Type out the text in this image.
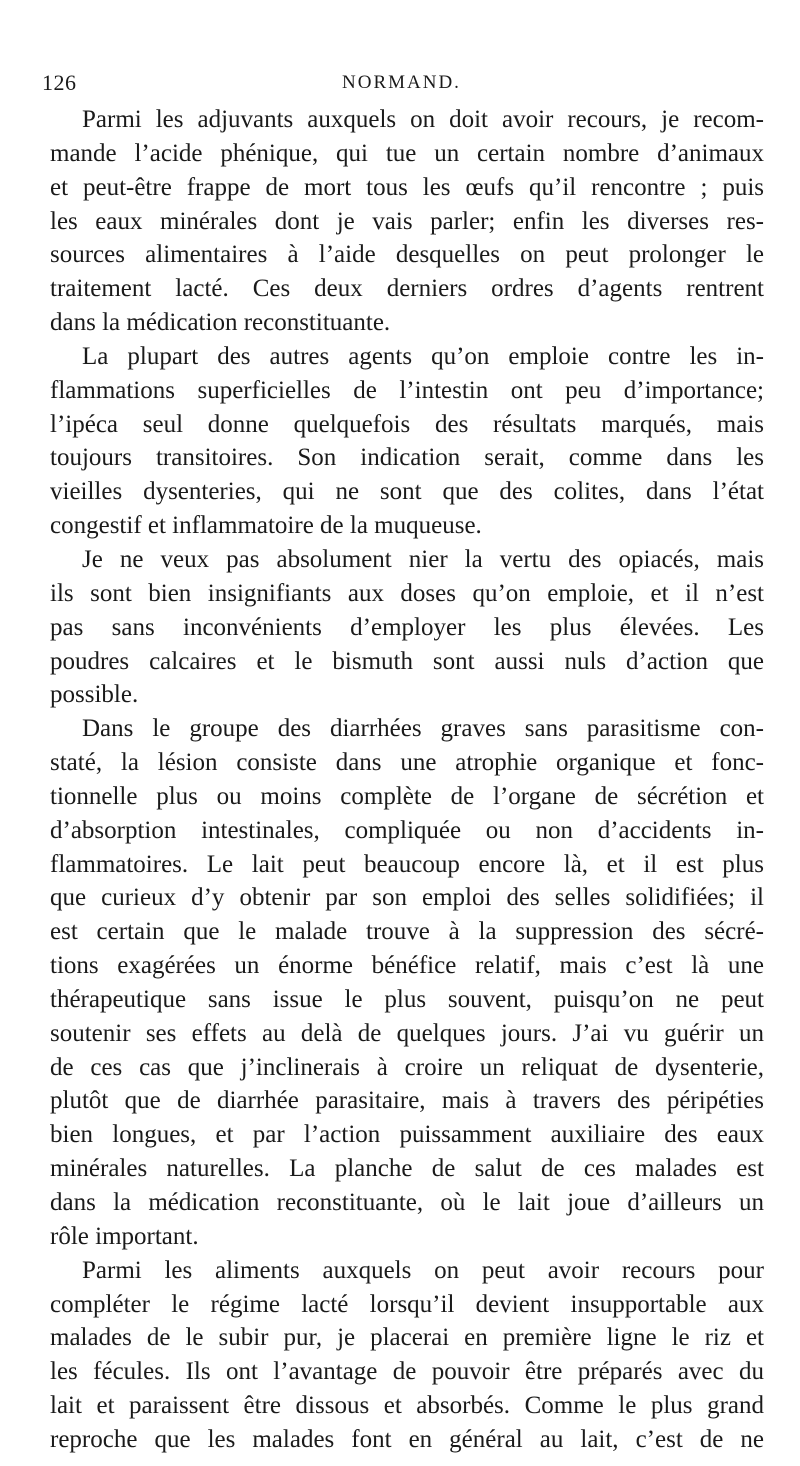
126	NORMAND.
Parmi les adjuvants auxquels on doit avoir recours, je recom-
mande l’acide phénique, qui tue un certain nombre d’animaux
et peut-être frappe de mort tous les œufs qu’il rencontre ; puis
les eaux minérales dont je vais parler; enfin les diverses res-
sources alimentaires à l’aide desquelles on peut prolonger le
traitement lacté. Ces deux derniers ordres d’agents rentrent
dans la médication reconstituante.
La plupart des autres agents qu’on emploie contre les in-
flammations superficielles de l’intestin ont peu d’importance;
l’ipéca seul donne quelquefois des résultats marqués, mais
toujours transitoires. Son indication serait, comme dans les
vieilles dysenteries, qui ne sont que des colites, dans l’état
congestif et inflammatoire de la muqueuse.
Je ne veux pas absolument nier la vertu des opiacés, mais
ils sont bien insignifiants aux doses qu’on emploie, et il n’est
pas sans inconvénients d’employer les plus élevées. Les
poudres calcaires et le bismuth sont aussi nuls d’action que
possible.
Dans le groupe des diarrhées graves sans parasitisme con-
staté, la lésion consiste dans une atrophie organique et fonc-
tionnelle plus ou moins complète de l’organe de sécrétion et
d’absorption intestinales, compliquée ou non d’accidents in-
flammatoires. Le lait peut beaucoup encore là, et il est plus
que curieux d’y obtenir par son emploi des selles solidifiées; il
est certain que le malade trouve à la suppression des sécré-
tions exagérées un énorme bénéfice relatif, mais c’est là une
thérapeutique sans issue le plus souvent, puisqu’on ne peut
soutenir ses effets au delà de quelques jours. J’ai vu guérir un
de ces cas que j’inclinerais à croire un reliquat de dysenterie,
plutôt que de diarrhée parasitaire, mais à travers des péripéties
bien longues, et par l’action puissamment auxiliaire des eaux
minérales naturelles. La planche de salut de ces malades est
dans la médication reconstituante, où le lait joue d’ailleurs un
rôle important.
Parmi les aliments auxquels on peut avoir recours pour
compléter le régime lacté lorsqu’il devient insupportable aux
malades de le subir pur, je placerai en première ligne le riz et
les fécules. Ils ont l’avantage de pouvoir être préparés avec du
lait et paraissent être dissous et absorbés. Comme le plus grand
reproche que les malades font en général au lait, c’est de ne
